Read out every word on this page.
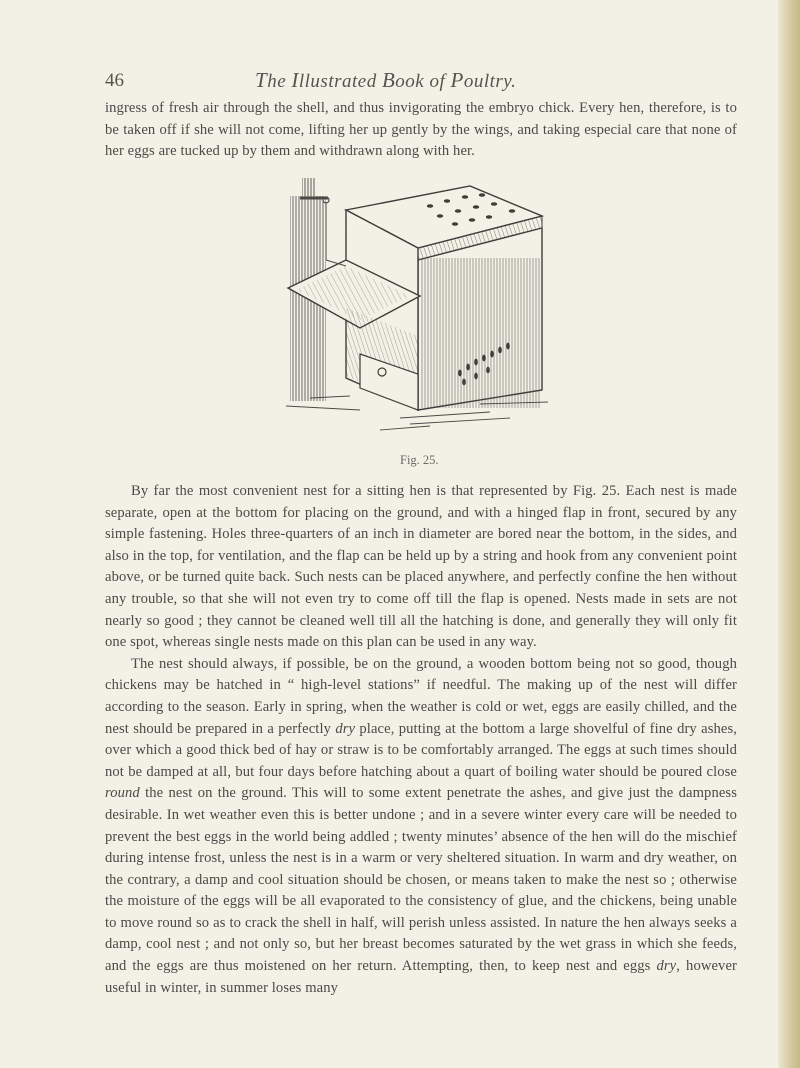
46	The Illustrated Book of Poultry.

ingress of fresh air through the shell, and thus invigorating the embryo chick. Every hen, therefore, is to be taken off if she will not come, lifting her up gently by the wings, and taking especial care that none of her eggs are tucked up by them and withdrawn along with her.

Fig. 25.

By far the most convenient nest for a sitting hen is that represented by Fig. 25. Each nest is made separate, open at the bottom for placing on the ground, and with a hinged flap in front, secured by any simple fastening. Holes three-quarters of an inch in diameter are bored near the bottom, in the sides, and also in the top, for ventilation, and the flap can be held up by a string and hook from any convenient point above, or be turned quite back. Such nests can be placed anywhere, and perfectly confine the hen without any trouble, so that she will not even try to come off till the flap is opened. Nests made in sets are not nearly so good ; they cannot be cleaned well till all the hatching is done, and generally they will only fit one spot, whereas single nests made on this plan can be used in any way.

The nest should always, if possible, be on the ground, a wooden bottom being not so good, though chickens may be hatched in “ high-level stations” if needful. The making up of the nest will differ according to the season. Early in spring, when the weather is cold or wet, eggs are easily chilled, and the nest should be prepared in a perfectly dry place, putting at the bottom a large shovelful of fine dry ashes, over which a good thick bed of hay or straw is to be comfortably arranged. The eggs at such times should not be damped at all, but four days before hatching about a quart of boiling water should be poured close round the nest on the ground. This will to some extent penetrate the ashes, and give just the dampness desirable. In wet weather even this is better undone ; and in a severe winter every care will be needed to prevent the best eggs in the world being addled ; twenty minutes’ absence of the hen will do the mischief during intense frost, unless the nest is in a warm or very sheltered situation. In warm and dry weather, on the contrary, a damp and cool situation should be chosen, or means taken to make the nest so ; otherwise the moisture of the eggs will be all evaporated to the consistency of glue, and the chickens, being unable to move round so as to crack the shell in half, will perish unless assisted. In nature the hen always seeks a damp, cool nest ; and not only so, but her breast becomes saturated by the wet grass in which she feeds, and the eggs are thus moistened on her return. Attempting, then, to keep nest and eggs dry, however useful in winter, in summer loses many
